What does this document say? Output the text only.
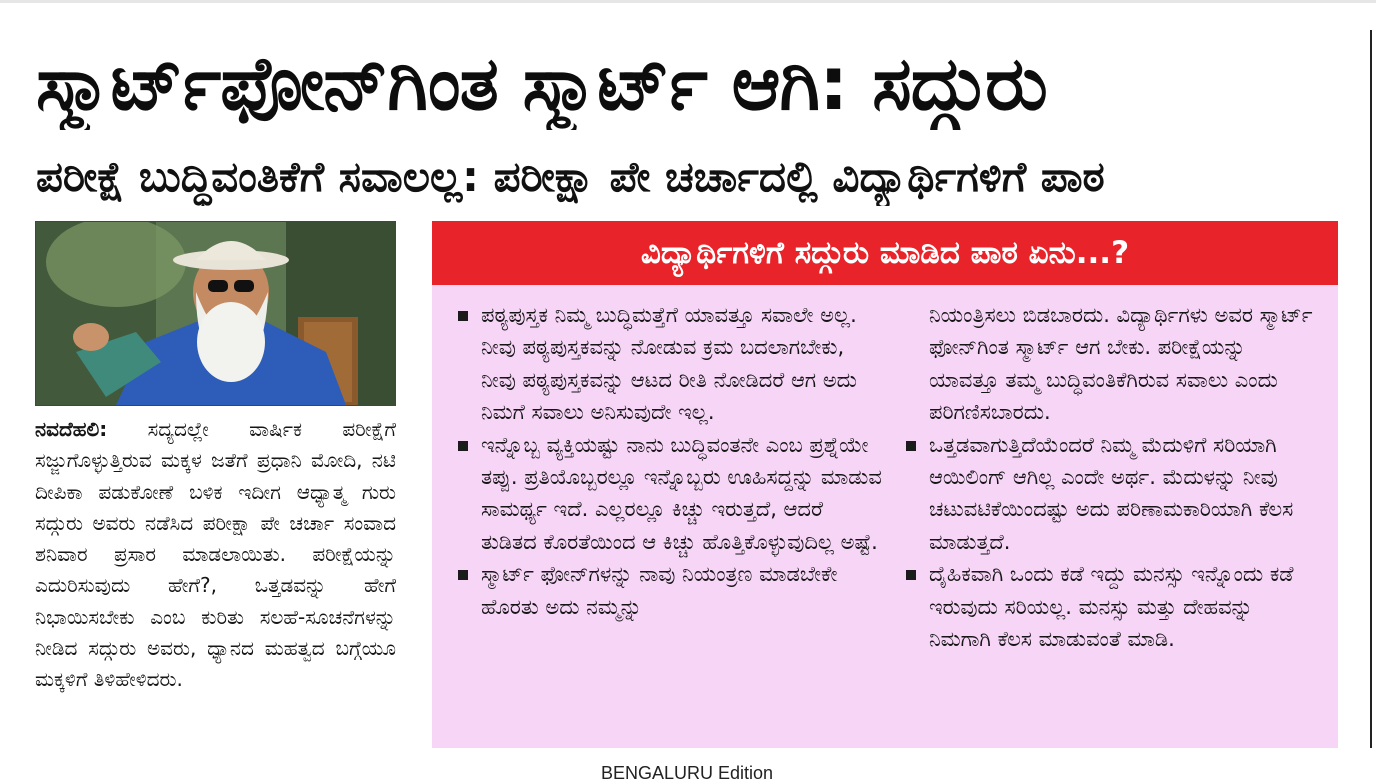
ಸ್ಮಾರ್ಟ್‌ಫೋನ್‌ಗಿಂತ ಸ್ಮಾರ್ಟ್ ಆಗಿ: ಸದ್ಗುರು
ಪರೀಕ್ಷೆ ಬುದ್ಧಿವಂತಿಕೆಗೆ ಸವಾಲಲ್ಲ: ಪರೀಕ್ಷಾ ಪೇ ಚರ್ಚಾದಲ್ಲಿ ವಿದ್ಯಾರ್ಥಿಗಳಿಗೆ ಪಾಠ
ನವದೆಹಲಿ: ಸದ್ಯದಲ್ಲೇ ವಾರ್ಷಿಕ ಪರೀಕ್ಷೆಗೆ ಸಜ್ಜುಗೊಳ್ಳುತ್ತಿರುವ ಮಕ್ಕಳ ಜತೆಗೆ ಪ್ರಧಾನಿ ಮೋದಿ, ನಟಿ ದೀಪಿಕಾ ಪಡುಕೋಣೆ ಬಳಿಕ ಇದೀಗ ಆಧ್ಯಾತ್ಮ ಗುರು ಸದ್ಗುರು ಅವರು ನಡೆಸಿದ ಪರೀಕ್ಷಾ ಪೇ ಚರ್ಚಾ ಸಂವಾದ ಶನಿವಾರ ಪ್ರಸಾರ ಮಾಡಲಾಯಿತು. ಪರೀಕ್ಷೆಯನ್ನು ಎದುರಿಸುವುದು ಹೇಗೆ?, ಒತ್ತಡವನ್ನು ಹೇಗೆ ನಿಭಾಯಿಸಬೇಕು ಎಂಬ ಕುರಿತು ಸಲಹೆ-ಸೂಚನೆಗಳನ್ನು ನೀಡಿದ ಸದ್ಗುರು ಅವರು, ಧ್ಯಾನದ ಮಹತ್ವದ ಬಗ್ಗೆಯೂ ಮಕ್ಕಳಿಗೆ ತಿಳಿಹೇಳಿದರು.
ವಿದ್ಯಾರ್ಥಿಗಳಿಗೆ ಸದ್ಗುರು ಮಾಡಿದ ಪಾಠ ಏನು...?
ಪಠ್ಯಪುಸ್ತಕ ನಿಮ್ಮ ಬುದ್ಧಿಮತ್ತೆಗೆ ಯಾವತ್ತೂ ಸವಾಲೇ ಅಲ್ಲ. ನೀವು ಪಠ್ಯಪುಸ್ತಕವನ್ನು ನೋಡುವ ಕ್ರಮ ಬದಲಾಗಬೇಕು, ನೀವು ಪಠ್ಯಪುಸ್ತಕವನ್ನು ಆಟದ ರೀತಿ ನೋಡಿದರೆ ಆಗ ಅದು ನಿಮಗೆ ಸವಾಲು ಅನಿಸುವುದೇ ಇಲ್ಲ.
ಇನ್ನೊಬ್ಬ ವ್ಯಕ್ತಿಯಷ್ಟು ನಾನು ಬುದ್ಧಿವಂತನೇ ಎಂಬ ಪ್ರಶ್ನೆಯೇ ತಪ್ಪು. ಪ್ರತಿಯೊಬ್ಬರಲ್ಲೂ ಇನ್ನೊಬ್ಬರು ಊಹಿಸದ್ದನ್ನು ಮಾಡುವ ಸಾಮರ್ಥ್ಯ ಇದೆ. ಎಲ್ಲರಲ್ಲೂ ಕಿಚ್ಚು ಇರುತ್ತದೆ, ಆದರೆ ತುಡಿತದ ಕೊರತೆಯಿಂದ ಆ ಕಿಚ್ಚು ಹೊತ್ತಿಕೊಳ್ಳುವುದಿಲ್ಲ ಅಷ್ಟೆ.
ಸ್ಮಾರ್ಟ್ ಫೋನ್‌ಗಳನ್ನು ನಾವು ನಿಯಂತ್ರಣ ಮಾಡಬೇಕೇ ಹೊರತು ಅದು ನಮ್ಮನ್ನು
ನಿಯಂತ್ರಿಸಲು ಬಿಡಬಾರದು. ವಿದ್ಯಾರ್ಥಿಗಳು ಅವರ ಸ್ಮಾರ್ಟ್ ಫೋನ್‌ಗಿಂತ ಸ್ಮಾರ್ಟ್ ಆಗ ಬೇಕು. ಪರೀಕ್ಷೆಯನ್ನು ಯಾವತ್ತೂ ತಮ್ಮ ಬುದ್ಧಿವಂತಿಕೆಗಿರುವ ಸವಾಲು ಎಂದು ಪರಿಗಣಿಸಬಾರದು.
ಒತ್ತಡವಾಗುತ್ತಿದೆಯೆಂದರೆ ನಿಮ್ಮ ಮೆದುಳಿಗೆ ಸರಿಯಾಗಿ ಆಯಿಲಿಂಗ್ ಆಗಿಲ್ಲ ಎಂದೇ ಅರ್ಥ. ಮೆದುಳನ್ನು ನೀವು ಚಟುವಟಿಕೆಯಿಂದಷ್ಟು ಅದು ಪರಿಣಾಮಕಾರಿಯಾಗಿ ಕೆಲಸ ಮಾಡುತ್ತದೆ.
ದೈಹಿಕವಾಗಿ ಒಂದು ಕಡೆ ಇದ್ದು ಮನಸ್ಸು ಇನ್ನೊಂದು ಕಡೆ ಇರುವುದು ಸರಿಯಲ್ಲ. ಮನಸ್ಸು ಮತ್ತು ದೇಹವನ್ನು ನಿಮಗಾಗಿ ಕೆಲಸ ಮಾಡುವಂತೆ ಮಾಡಿ.
BENGALURU Edition
